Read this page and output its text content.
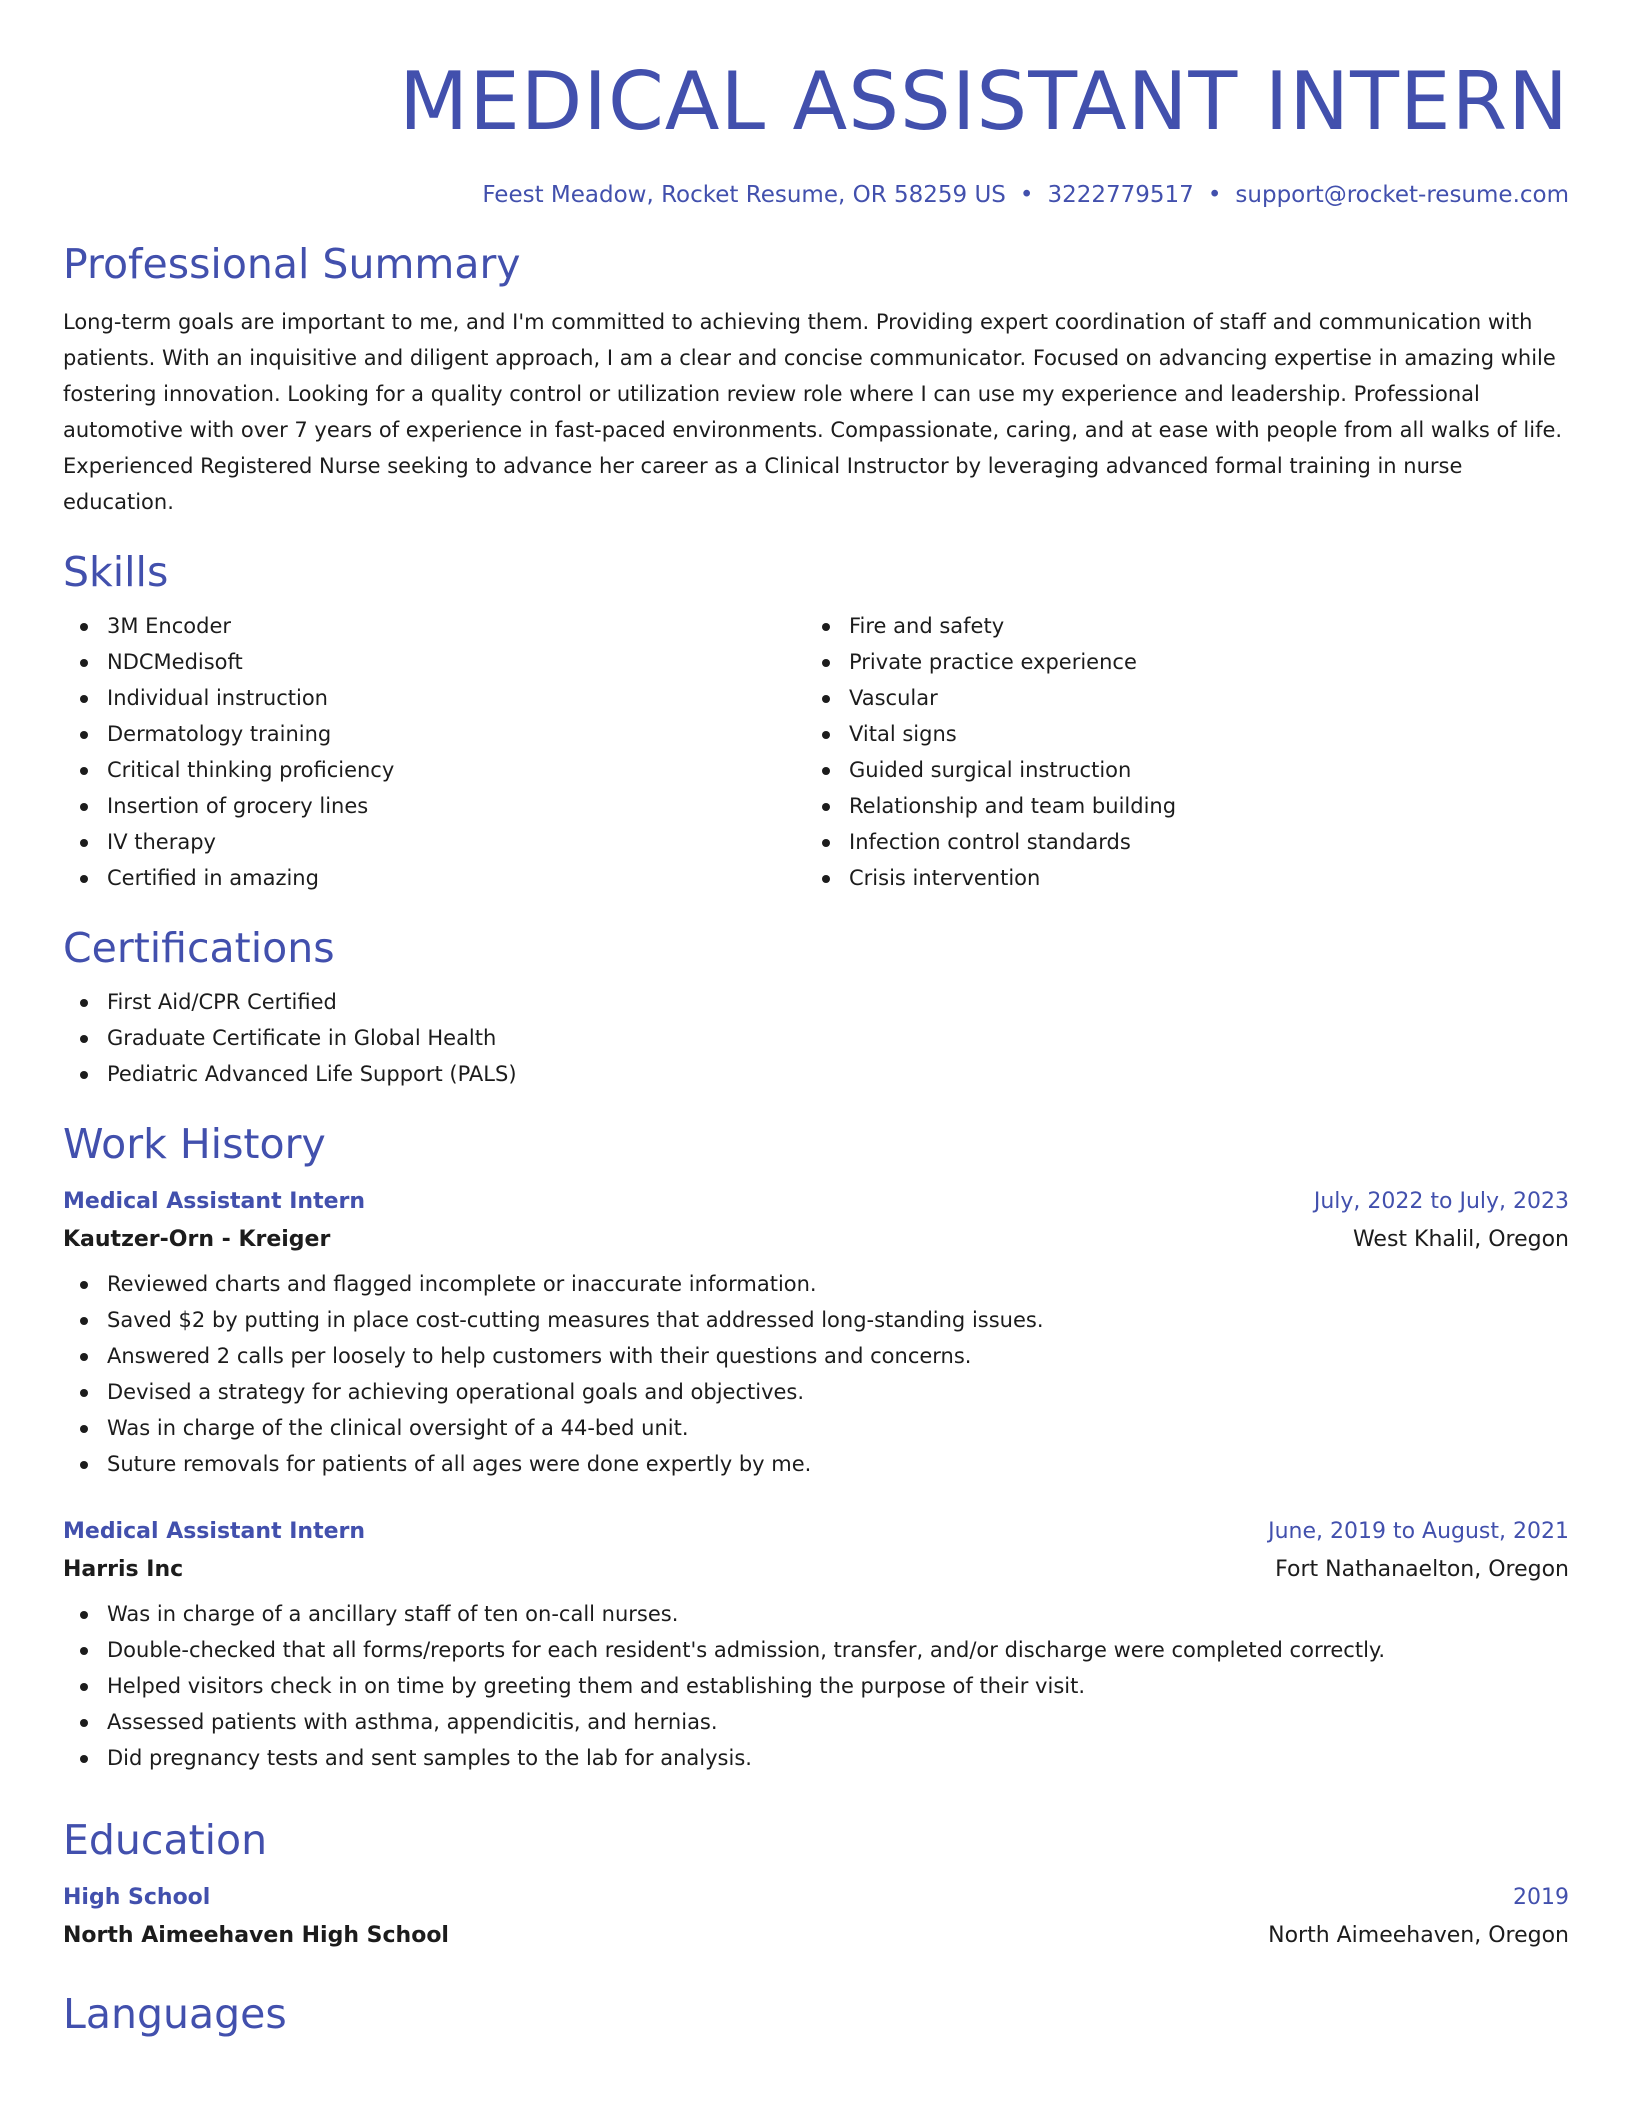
MEDICAL ASSISTANT INTERN
Feest Meadow, Rocket Resume, OR 58259 US • 3222779517 • support@rocket-resume.com
Professional Summary
Long-term goals are important to me, and I'm committed to achieving them. Providing expert coordination of staff and communication with patients. With an inquisitive and diligent approach, I am a clear and concise communicator. Focused on advancing expertise in amazing while fostering innovation. Looking for a quality control or utilization review role where I can use my experience and leadership. Professional automotive with over 7 years of experience in fast-paced environments. Compassionate, caring, and at ease with people from all walks of life. Experienced Registered Nurse seeking to advance her career as a Clinical Instructor by leveraging advanced formal training in nurse education.
Skills
3M Encoder
NDCMedisoft
Individual instruction
Dermatology training
Critical thinking proficiency
Insertion of grocery lines
IV therapy
Certified in amazing
Fire and safety
Private practice experience
Vascular
Vital signs
Guided surgical instruction
Relationship and team building
Infection control standards
Crisis intervention
Certifications
First Aid/CPR Certified
Graduate Certificate in Global Health
Pediatric Advanced Life Support (PALS)
Work History
Medical Assistant Intern	July, 2022 to July, 2023
Kautzer-Orn - Kreiger	West Khalil, Oregon
Reviewed charts and flagged incomplete or inaccurate information.
Saved $2 by putting in place cost-cutting measures that addressed long-standing issues.
Answered 2 calls per loosely to help customers with their questions and concerns.
Devised a strategy for achieving operational goals and objectives.
Was in charge of the clinical oversight of a 44-bed unit.
Suture removals for patients of all ages were done expertly by me.
Medical Assistant Intern	June, 2019 to August, 2021
Harris Inc	Fort Nathanaelton, Oregon
Was in charge of a ancillary staff of ten on-call nurses.
Double-checked that all forms/reports for each resident's admission, transfer, and/or discharge were completed correctly.
Helped visitors check in on time by greeting them and establishing the purpose of their visit.
Assessed patients with asthma, appendicitis, and hernias.
Did pregnancy tests and sent samples to the lab for analysis.
Education
High School	2019
North Aimeehaven High School	North Aimeehaven, Oregon
Languages
